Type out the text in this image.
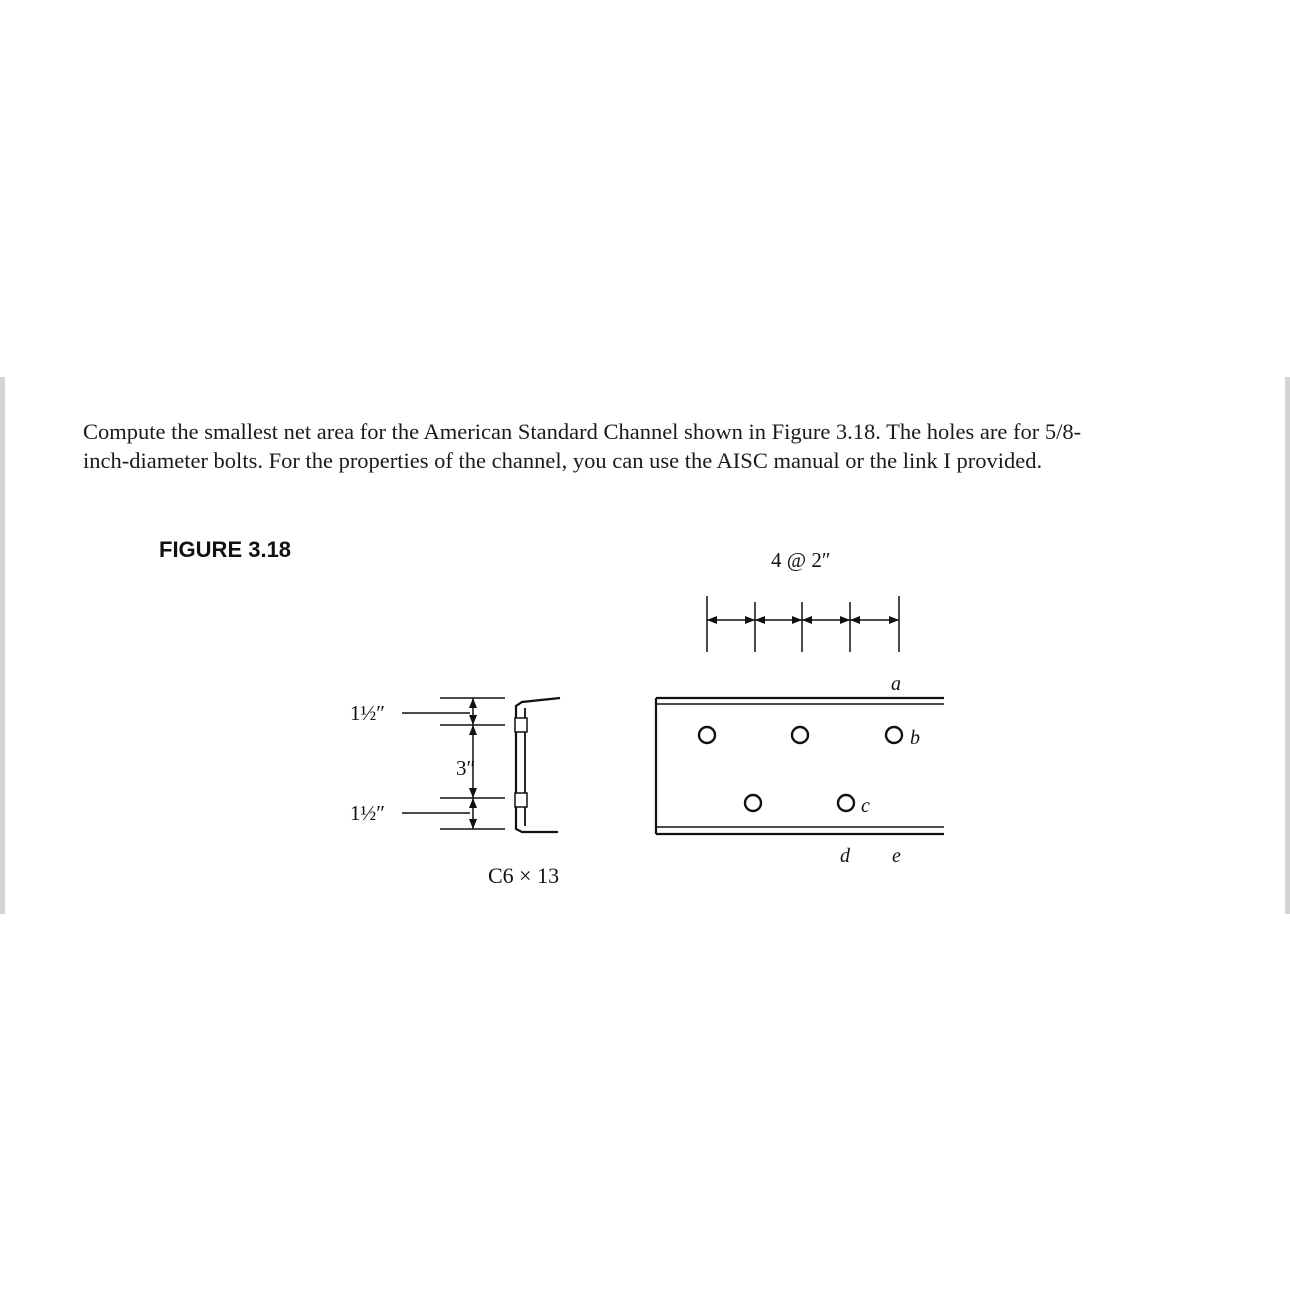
Compute the smallest net area for the American Standard Channel shown in Figure 3.18. The holes are for 5/8-inch-diameter bolts. For the properties of the channel, you can use the AISC manual or the link I provided.

FIGURE 3.18

1½″
3″
1½″
C6 × 13
4 @ 2″
a
b
c
d e
